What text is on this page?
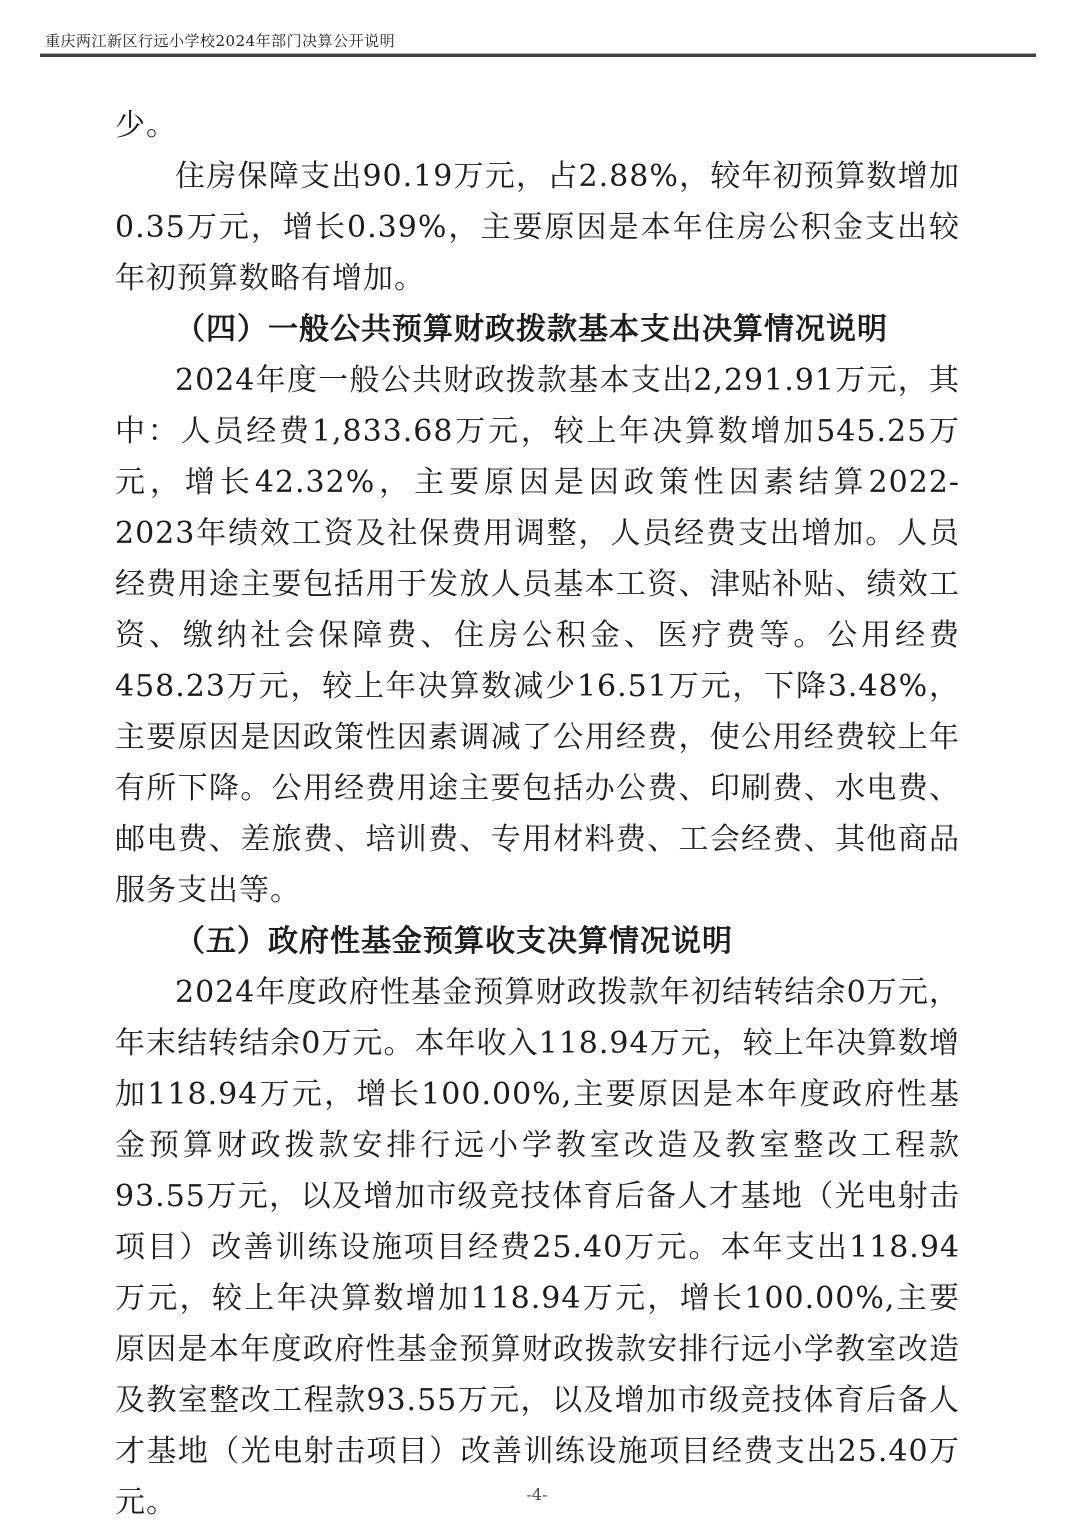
重庆两江新区行远小学校2024年部门决算公开说明

少。

住房保障支出90.19万元，占2.88%，较年初预算数增加0.35万元，增长0.39%，主要原因是本年住房公积金支出较年初预算数略有增加。

（四）一般公共预算财政拨款基本支出决算情况说明

2024年度一般公共财政拨款基本支出2,291.91万元，其中：人员经费1,833.68万元，较上年决算数增加545.25万元，增长42.32%，主要原因是因政策性因素结算2022-2023年绩效工资及社保费用调整，人员经费支出增加。人员经费用途主要包括用于发放人员基本工资、津贴补贴、绩效工资、缴纳社会保障费、住房公积金、医疗费等。公用经费458.23万元，较上年决算数减少16.51万元，下降3.48%，主要原因是因政策性因素调减了公用经费，使公用经费较上年有所下降。公用经费用途主要包括办公费、印刷费、水电费、邮电费、差旅费、培训费、专用材料费、工会经费、其他商品服务支出等。

（五）政府性基金预算收支决算情况说明

2024年度政府性基金预算财政拨款年初结转结余0万元，年末结转结余0万元。本年收入118.94万元，较上年决算数增加118.94万元，增长100.00%,主要原因是本年度政府性基金预算财政拨款安排行远小学教室改造及教室整改工程款93.55万元，以及增加市级竞技体育后备人才基地（光电射击项目）改善训练设施项目经费25.40万元。本年支出118.94万元，较上年决算数增加118.94万元，增长100.00%,主要原因是本年度政府性基金预算财政拨款安排行远小学教室改造及教室整改工程款93.55万元，以及增加市级竞技体育后备人才基地（光电射击项目）改善训练设施项目经费支出25.40万元。	-4-
